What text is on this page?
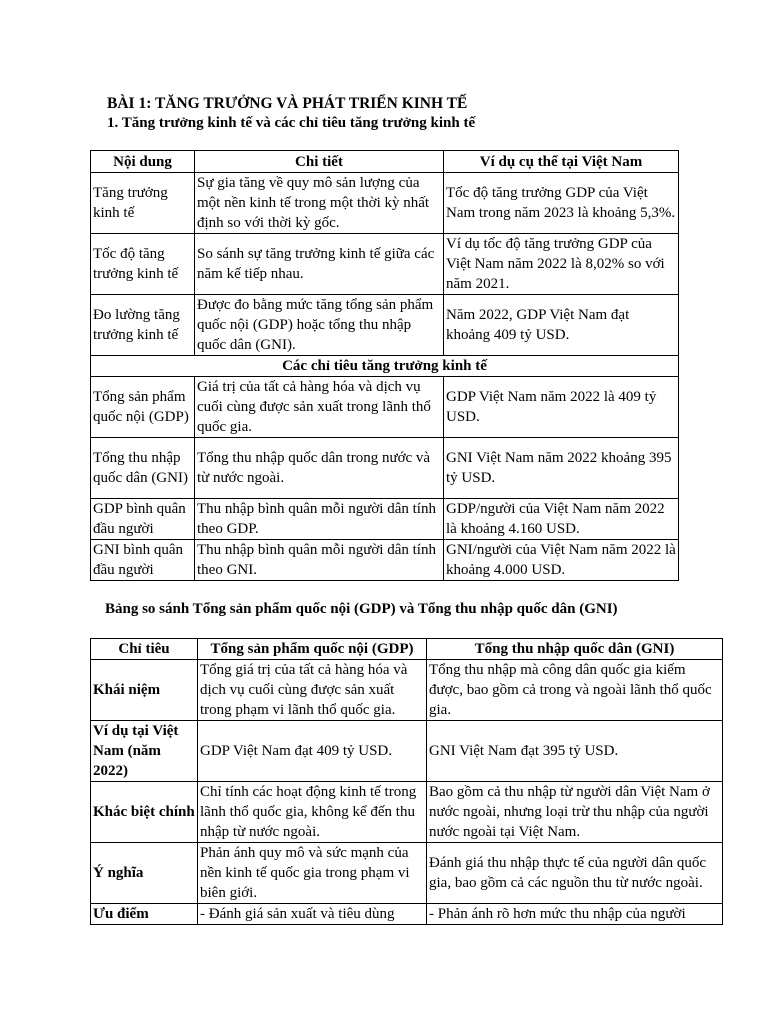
BÀI 1: TĂNG TRƯỞNG VÀ PHÁT TRIỂN KINH TẾ
1. Tăng trưởng kinh tế và các chỉ tiêu tăng trưởng kinh tế
Nội dung	Chi tiết	Ví dụ cụ thể tại Việt Nam
Tăng trưởng kinh tế	Sự gia tăng về quy mô sản lượng của một nền kinh tế trong một thời kỳ nhất định so với thời kỳ gốc.	Tốc độ tăng trưởng GDP của Việt Nam trong năm 2023 là khoảng 5,3%.
Tốc độ tăng trưởng kinh tế	So sánh sự tăng trưởng kinh tế giữa các năm kế tiếp nhau.	Ví dụ tốc độ tăng trưởng GDP của Việt Nam năm 2022 là 8,02% so với năm 2021.
Đo lường tăng trưởng kinh tế	Được đo bằng mức tăng tổng sản phẩm quốc nội (GDP) hoặc tổng thu nhập quốc dân (GNI).	Năm 2022, GDP Việt Nam đạt khoảng 409 tỷ USD.
Các chỉ tiêu tăng trưởng kinh tế		
Tổng sản phẩm quốc nội (GDP)	Giá trị của tất cả hàng hóa và dịch vụ cuối cùng được sản xuất trong lãnh thổ quốc gia.	GDP Việt Nam năm 2022 là 409 tỷ USD.
Tổng thu nhập quốc dân (GNI)	Tổng thu nhập quốc dân trong nước và từ nước ngoài.	GNI Việt Nam năm 2022 khoảng 395 tỷ USD.
GDP bình quân đầu người	Thu nhập bình quân mỗi người dân tính theo GDP.	GDP/người của Việt Nam năm 2022 là khoảng 4.160 USD.
GNI bình quân đầu người	Thu nhập bình quân mỗi người dân tính theo GNI.	GNI/người của Việt Nam năm 2022 là khoảng 4.000 USD.
Bảng so sánh Tổng sản phẩm quốc nội (GDP) và Tổng thu nhập quốc dân (GNI)
Chỉ tiêu	Tổng sản phẩm quốc nội (GDP)	Tổng thu nhập quốc dân (GNI)
Khái niệm	Tổng giá trị của tất cả hàng hóa và dịch vụ cuối cùng được sản xuất trong phạm vi lãnh thổ quốc gia.	Tổng thu nhập mà công dân quốc gia kiếm được, bao gồm cả trong và ngoài lãnh thổ quốc gia.
Ví dụ tại Việt Nam (năm 2022)	GDP Việt Nam đạt 409 tỷ USD.	GNI Việt Nam đạt 395 tỷ USD.
Khác biệt chính	Chỉ tính các hoạt động kinh tế trong lãnh thổ quốc gia, không kể đến thu nhập từ nước ngoài.	Bao gồm cả thu nhập từ người dân Việt Nam ở nước ngoài, nhưng loại trừ thu nhập của người nước ngoài tại Việt Nam.
Ý nghĩa	Phản ánh quy mô và sức mạnh của nền kinh tế quốc gia trong phạm vi biên giới.	Đánh giá thu nhập thực tế của người dân quốc gia, bao gồm cả các nguồn thu từ nước ngoài.
Ưu điểm	- Đánh giá sản xuất và tiêu dùng	- Phản ánh rõ hơn mức thu nhập của người
